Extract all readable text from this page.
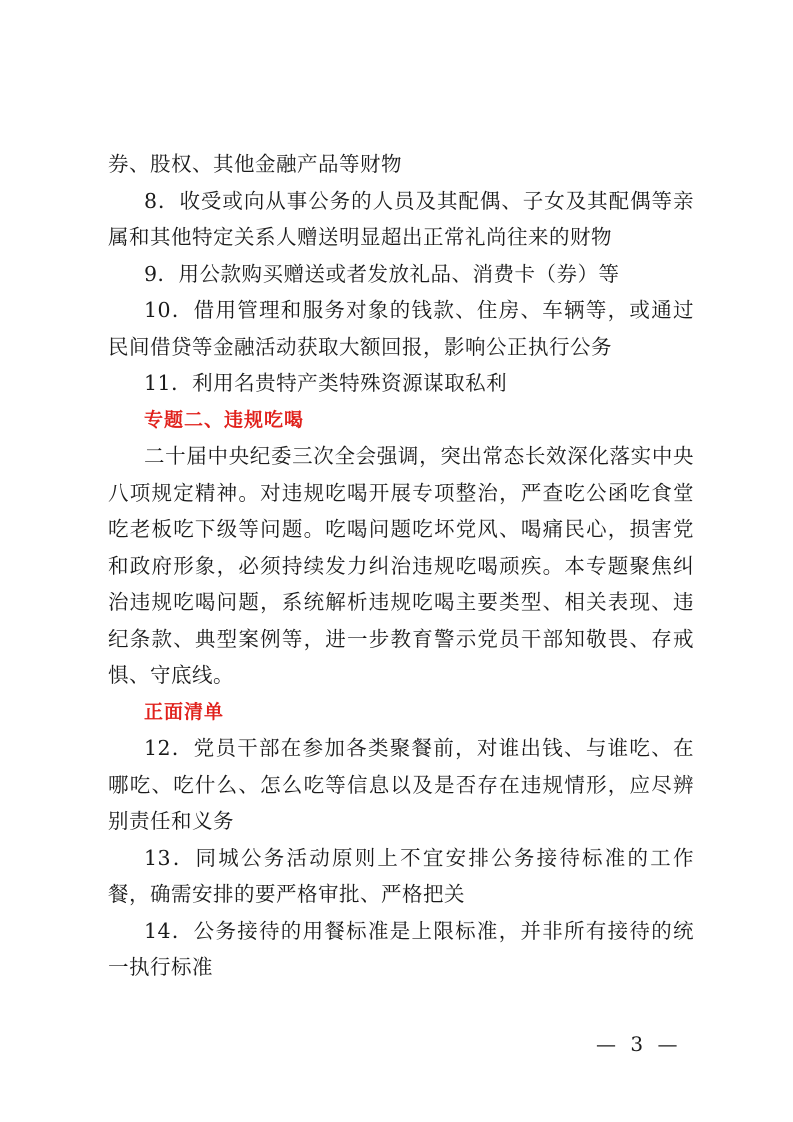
券、股权、其他金融产品等财物

8．收受或向从事公务的人员及其配偶、子女及其配偶等亲属和其他特定关系人赠送明显超出正常礼尚往来的财物

9．用公款购买赠送或者发放礼品、消费卡（券）等

10．借用管理和服务对象的钱款、住房、车辆等，或通过民间借贷等金融活动获取大额回报，影响公正执行公务

11．利用名贵特产类特殊资源谋取私利

专题二、违规吃喝

二十届中央纪委三次全会强调，突出常态长效深化落实中央八项规定精神。对违规吃喝开展专项整治，严查吃公函吃食堂吃老板吃下级等问题。吃喝问题吃坏党风、喝痛民心，损害党和政府形象，必须持续发力纠治违规吃喝顽疾。本专题聚焦纠治违规吃喝问题，系统解析违规吃喝主要类型、相关表现、违纪条款、典型案例等，进一步教育警示党员干部知敬畏、存戒惧、守底线。

正面清单

12．党员干部在参加各类聚餐前，对谁出钱、与谁吃、在哪吃、吃什么、怎么吃等信息以及是否存在违规情形，应尽辨别责任和义务

13．同城公务活动原则上不宜安排公务接待标准的工作餐，确需安排的要严格审批、严格把关

14．公务接待的用餐标准是上限标准，并非所有接待的统一执行标准

— 3 —
